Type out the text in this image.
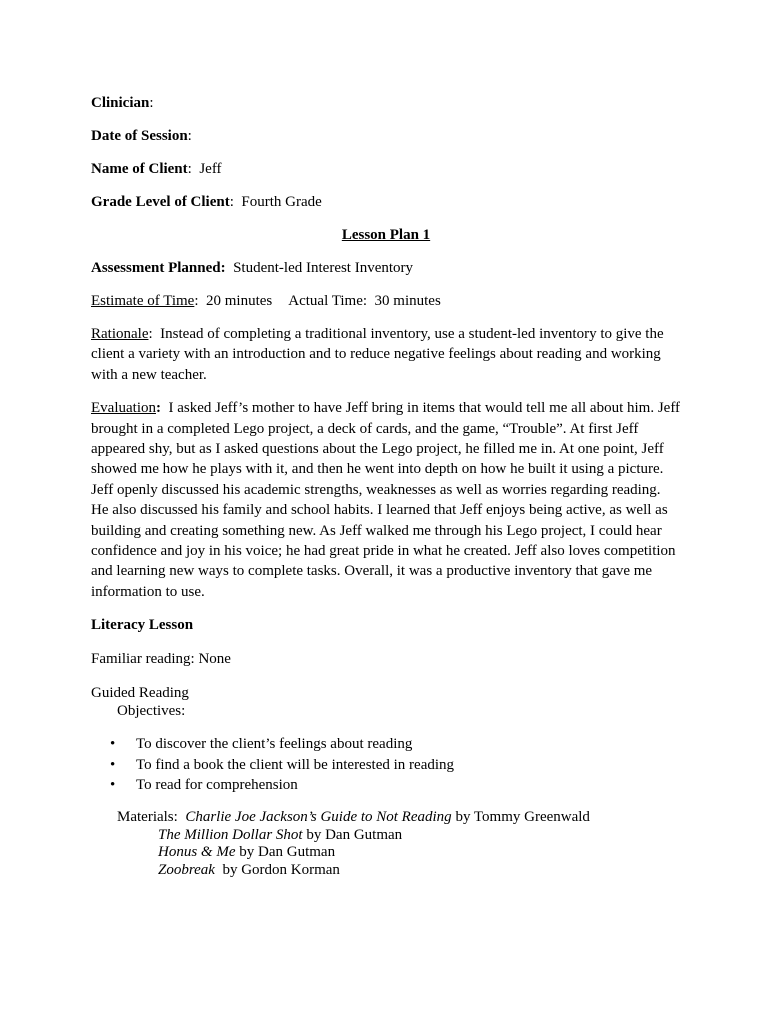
Clinician:

Date of Session:

Name of Client:  Jeff

Grade Level of Client:  Fourth Grade

Lesson Plan 1

Assessment Planned: Student-led Interest Inventory

Estimate of Time:  20 minutes Actual Time: 30 minutes

Rationale:  Instead of completing a traditional inventory, use a student-led inventory to give the client a variety with an introduction and to reduce negative feelings about reading and working with a new teacher.

Evaluation: I asked Jeff’s mother to have Jeff bring in items that would tell me all about him. Jeff brought in a completed Lego project, a deck of cards, and the game, “Trouble”. At first Jeff appeared shy, but as I asked questions about the Lego project, he filled me in. At one point, Jeff showed me how he plays with it, and then he went into depth on how he built it using a picture. Jeff openly discussed his academic strengths, weaknesses as well as worries regarding reading. He also discussed his family and school habits. I learned that Jeff enjoys being active, as well as building and creating something new. As Jeff walked me through his Lego project, I could hear confidence and joy in his voice; he had great pride in what he created. Jeff also loves competition and learning new ways to complete tasks. Overall, it was a productive inventory that gave me information to use.

Literacy Lesson

Familiar reading: None

Guided Reading

Objectives:

• To discover the client’s feelings about reading
• To find a book the client will be interested in reading
• To read for comprehension

Materials: Charlie Joe Jackson’s Guide to Not Reading by Tommy Greenwald

The Million Dollar Shot by Dan Gutman

Honus & Me by Dan Gutman

Zoobreak by Gordon Korman
